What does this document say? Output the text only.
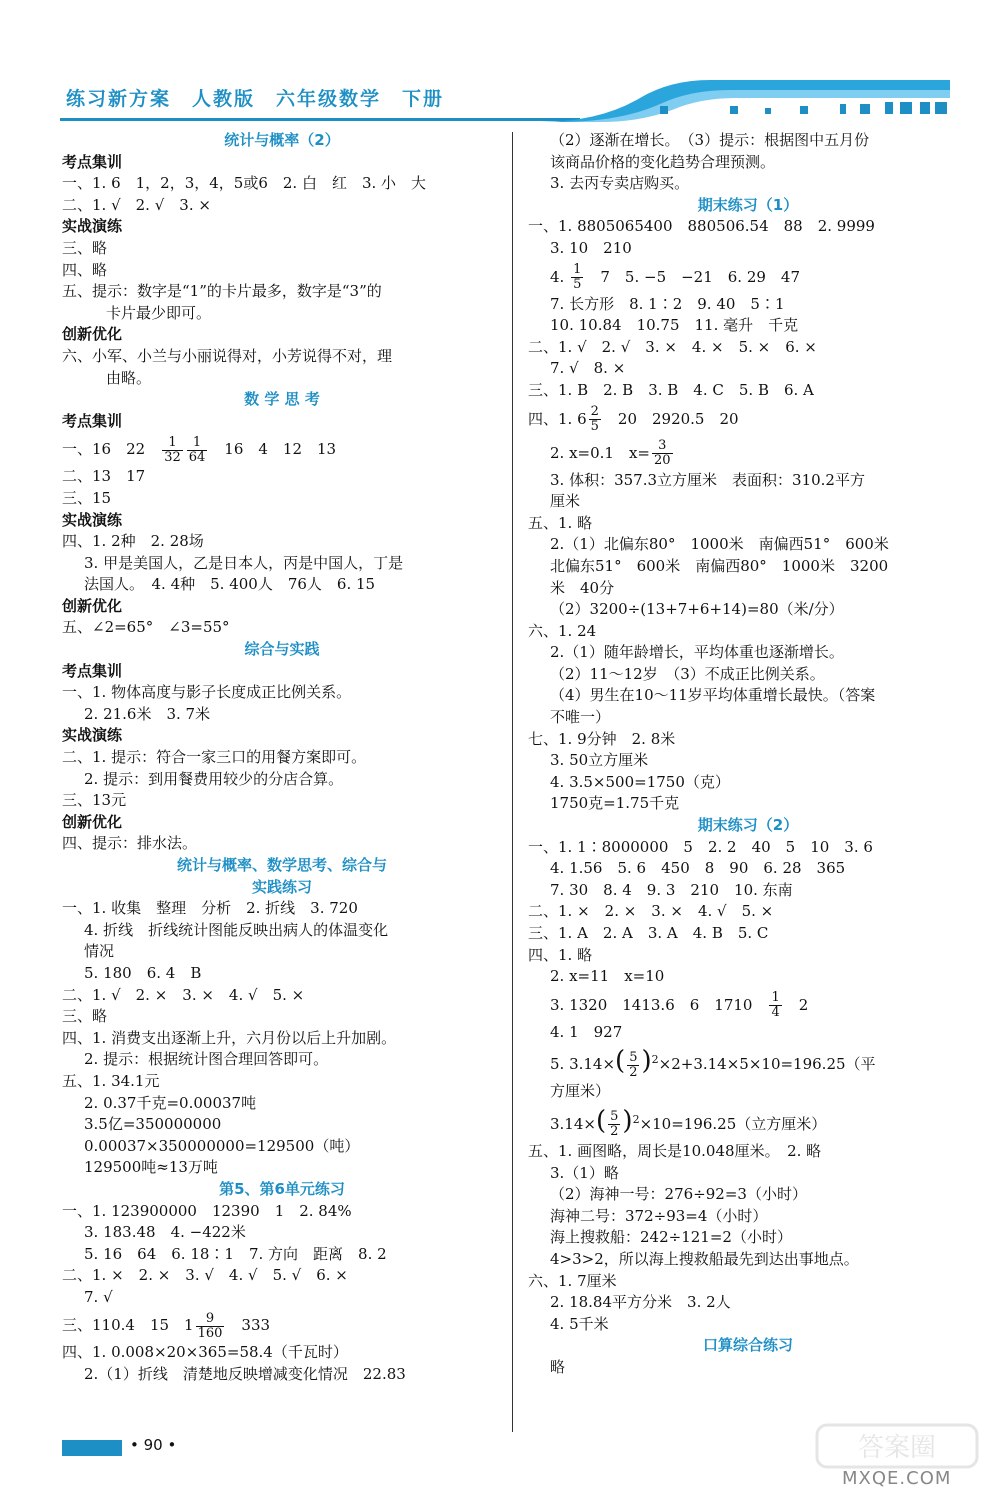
练习新方案　人教版　六年级数学　下册
统计与概率（2）
考点集训
一、1. 6　1，2，3，4，5或6　2. 白　红　3. 小　大
二、1. √　2. √　3. ×
实战演练
三、略
四、略
五、提示：数字是“1”的卡片最多，数字是“3”的
卡片最少即可。
创新优化
六、小军、小兰与小丽说得对，小芳说得不对，理
由略。
数 学 思 考
考点集训
一、16　22　 $\frac{1}{32} \frac{1}{64}$ 　16　4　12　13
二、13　17
三、15
实战演练
四、1. 2种　2. 28场
3. 甲是美国人，乙是日本人，丙是中国人，丁是
法国人。　4. 4种　5. 400人　76人　6. 15
创新优化
五、∠2=65°　∠3=55°
综合与实践
考点集训
一、1. 物体高度与影子长度成正比例关系。
2. 21.6米　3. 7米
实战演练
二、1. 提示：符合一家三口的用餐方案即可。
2. 提示：到用餐费用较少的分店合算。
三、13元
创新优化
四、提示：排水法。
统计与概率、数学思考、综合与
实践练习
一、1. 收集　整理　分析　2. 折线　3. 720
4. 折线　折线统计图能反映出病人的体温变化
情况
5. 180　6. 4　B
二、1. √　2. ×　3. ×　4. √　5. ×
三、略
四、1. 消费支出逐渐上升，六月份以后上升加剧。
2. 提示：根据统计图合理回答即可。
五、1. 34.1元
2. 0.37千克=0.00037吨
3.5亿=350000000
0.00037×350000000=129500（吨）
129500吨≈13万吨
第5、第6单元练习
一、1. 123900000　12390　1　2. 84%
3. 183.48　4. −422米
5. 16　64　6. 18∶1　7. 方向　距离　8. 2
二、1. ×　2. ×　3. √　4. √　5. √　6. ×
7. √
三、110.4　15　$1 \frac{9}{160}$ 　333
四、1. 0.008×20×365=58.4（千瓦时）
2.（1）折线　清楚地反映增减变化情况　22.83
（2）逐渐在增长。　（3）提示：根据图中五月份
该商品价格的变化趋势合理预测。
3. 去丙专卖店购买。
期末练习（1）
一、1. 8805065400　880506.54　88　2. 9999
3. 10　210
4. $\frac{1}{5}$ 　7　5. −5　−21　6. 29　47
7. 长方形　8. 1∶2　9. 40　5∶1
10. 10.84　10.75　11. 毫升　千克
二、1. √　2. √　3. ×　4. ×　5. ×　6. ×
7. √　8. ×
三、1. B　2. B　3. B　4. C　5. B　6. A
四、1. $6 \frac{2}{5}$ 　20　2920.5　20
2. x=0.1　$x= \frac{3}{20}$
3. 体积：357.3立方厘米　表面积：310.2平方
厘米
五、1. 略
2.（1）北偏东80°　1000米　南偏西51°　600米
北偏东51°　600米　南偏西80°　1000米　3200
米　40分
（2）3200÷(13+7+6+14)=80（米/分）
六、1. 24
2.（1）随年龄增长，平均体重也逐渐增长。
（2）11～12岁　（3）不成正比例关系。
（4）男生在10～11岁平均体重增长最快。（答案
不唯一）
七、1. 9分钟　2. 8米
3. 50立方厘米
4. 3.5×500=1750（克）
1750克=1.75千克
期末练习（2）
一、1. 1∶8000000　5　2. 2　40　5　10　3. 6
4. 1.56　5. 6　450　8　90　6. 28　365
7. 30　8. 4　9. 3　210　10. 东南
二、1. ×　2. ×　3. ×　4. √　5. ×
三、1. A　2. A　3. A　4. B　5. C
四、1. 略
2. x=11　x=10
3. 1320　1413.6　6　1710　 $\frac{1}{4}$ 　2
4. 1　927
5. $3.14\times( \frac{5}{2} )^2\times 2+3.14\times 5\times 10=196.25$（平
方厘米）
$3.14\times( \frac{5}{2} )^2\times 10=196.25$（立方厘米）
五、1. 画图略，周长是10.048厘米。　2. 略
3.（1）略
（2）海神一号：276÷92=3（小时）
海神二号：372÷93=4（小时）
海上搜救船：242÷121=2（小时）
4>3>2，所以海上搜救船最先到达出事地点。
六、1. 7厘米
2. 18.84平方分米　3. 2人
4. 5千米
口算综合练习
略
• 90 •	答案圈
MXQE.COM
